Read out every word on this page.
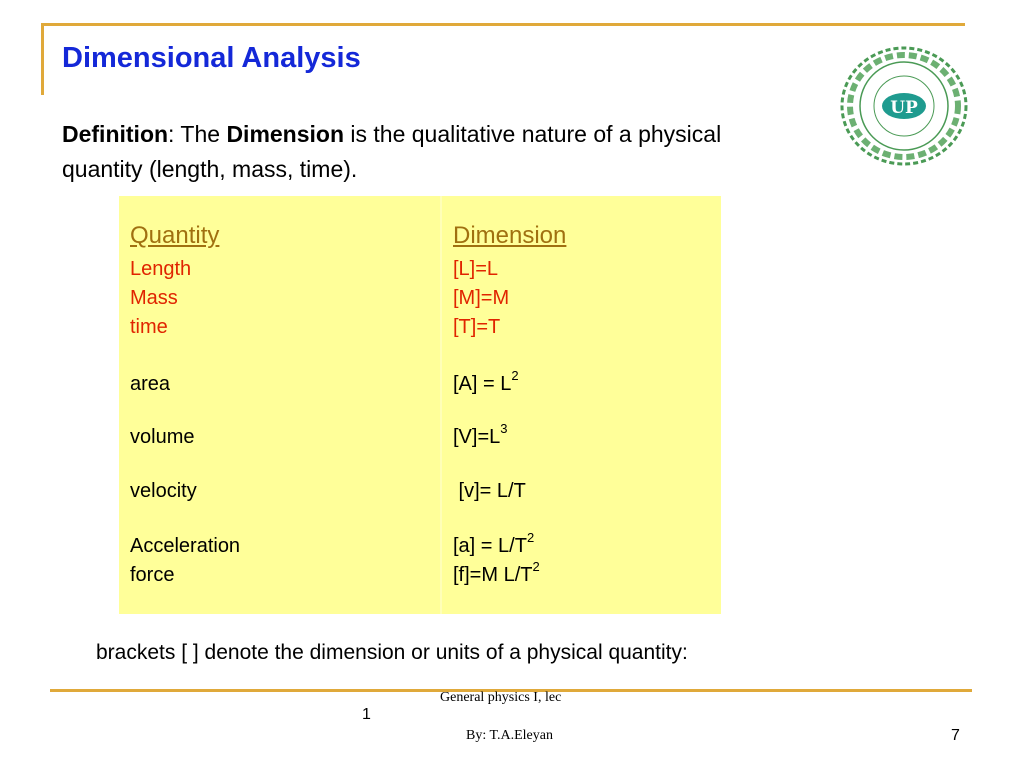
Dimensional Analysis
Definition: The Dimension is the qualitative nature of a physical quantity (length, mass, time).
UP
Quantity	Dimension
Length	[L]=L
Mass	[M]=M
time	[T]=T
area	$[A] = L^2$
volume	$[V]=L^3$
velocity	[v]= L/T
Acceleration	$[a] = L/T^2$
force	[f]=M $L/T^2$
brackets [ ] denote the dimension or units of a physical quantity:
General physics I, lec
1
By: T.A.Eleyan	7
